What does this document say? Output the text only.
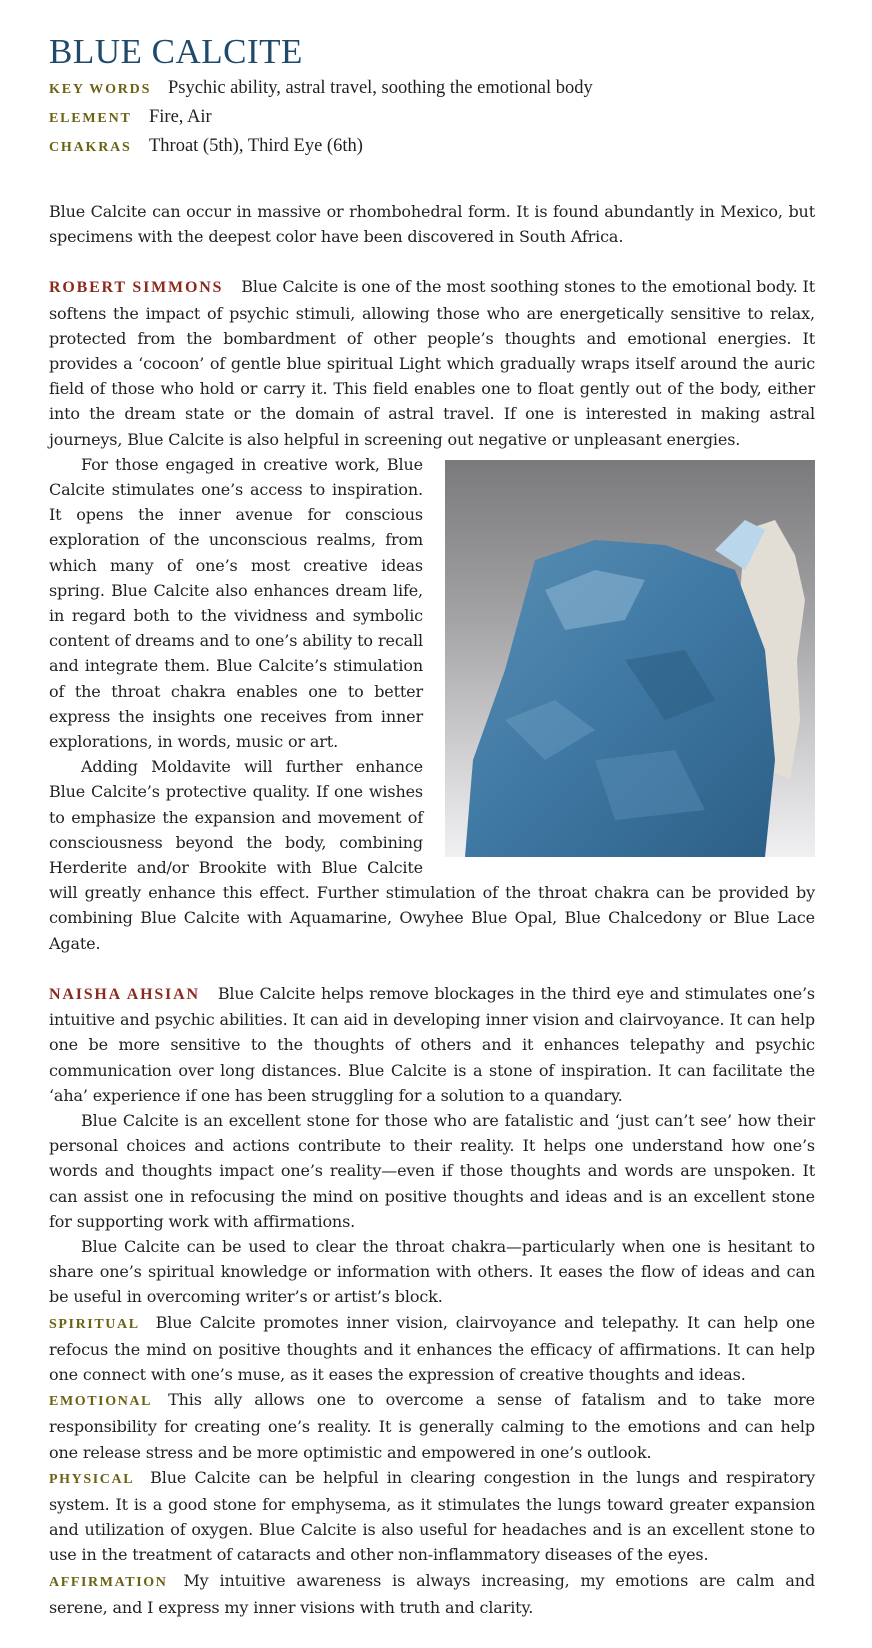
BLUE CALCITE
KEY WORDS Psychic ability, astral travel, soothing the emotional body
ELEMENT Fire, Air
CHAKRAS Throat (5th), Third Eye (6th)

Blue Calcite can occur in massive or rhombohedral form. It is found abundantly in Mexico, but specimens with the deepest color have been discovered in South Africa.

ROBERT SIMMONS Blue Calcite is one of the most soothing stones to the emotional body. It softens the impact of psychic stimuli, allowing those who are energetically sensitive to relax, protected from the bombardment of other people’s thoughts and emotional energies. It provides a ‘cocoon’ of gentle blue spiritual Light which gradually wraps itself around the auric field of those who hold or carry it. This field enables one to float gently out of the body, either into the dream state or the domain of astral travel. If one is interested in making astral journeys, Blue Calcite is also helpful in screening out negative or unpleasant energies.

For those engaged in creative work, Blue Calcite stimulates one’s access to inspiration. It opens the inner avenue for conscious exploration of the unconscious realms, from which many of one’s most creative ideas spring. Blue Calcite also enhances dream life, in regard both to the vividness and symbolic content of dreams and to one’s ability to recall and integrate them. Blue Calcite’s stimulation of the throat chakra enables one to better express the insights one receives from inner explorations, in words, music or art.

Adding Moldavite will further enhance Blue Calcite’s protective quality. If one wishes to emphasize the expansion and movement of consciousness beyond the body, combining Herderite and/or Brookite with Blue Calcite will greatly enhance this effect. Further stimulation of the throat chakra can be provided by combining Blue Calcite with Aquamarine, Owyhee Blue Opal, Blue Chalcedony or Blue Lace Agate.

NAISHA AHSIAN Blue Calcite helps remove blockages in the third eye and stimulates one’s intuitive and psychic abilities. It can aid in developing inner vision and clairvoyance. It can help one be more sensitive to the thoughts of others and it enhances telepathy and psychic communication over long distances. Blue Calcite is a stone of inspiration. It can facilitate the ‘aha’ experience if one has been struggling for a solution to a quandary.

Blue Calcite is an excellent stone for those who are fatalistic and ‘just can’t see’ how their personal choices and actions contribute to their reality. It helps one understand how one’s words and thoughts impact one’s reality—even if those thoughts and words are unspoken. It can assist one in refocusing the mind on positive thoughts and ideas and is an excellent stone for supporting work with affirmations.

Blue Calcite can be used to clear the throat chakra—particularly when one is hesitant to share one’s spiritual knowledge or information with others. It eases the flow of ideas and can be useful in overcoming writer’s or artist’s block.

SPIRITUAL Blue Calcite promotes inner vision, clairvoyance and telepathy. It can help one refocus the mind on positive thoughts and it enhances the efficacy of affirmations. It can help one connect with one’s muse, as it eases the expression of creative thoughts and ideas.

EMOTIONAL This ally allows one to overcome a sense of fatalism and to take more responsibility for creating one’s reality. It is generally calming to the emotions and can help one release stress and be more optimistic and empowered in one’s outlook.

PHYSICAL Blue Calcite can be helpful in clearing congestion in the lungs and respiratory system. It is a good stone for emphysema, as it stimulates the lungs toward greater expansion and utilization of oxygen. Blue Calcite is also useful for headaches and is an excellent stone to use in the treatment of cataracts and other non-inflammatory diseases of the eyes.

AFFIRMATION My intuitive awareness is always increasing, my emotions are calm and serene, and I express my inner visions with truth and clarity.
